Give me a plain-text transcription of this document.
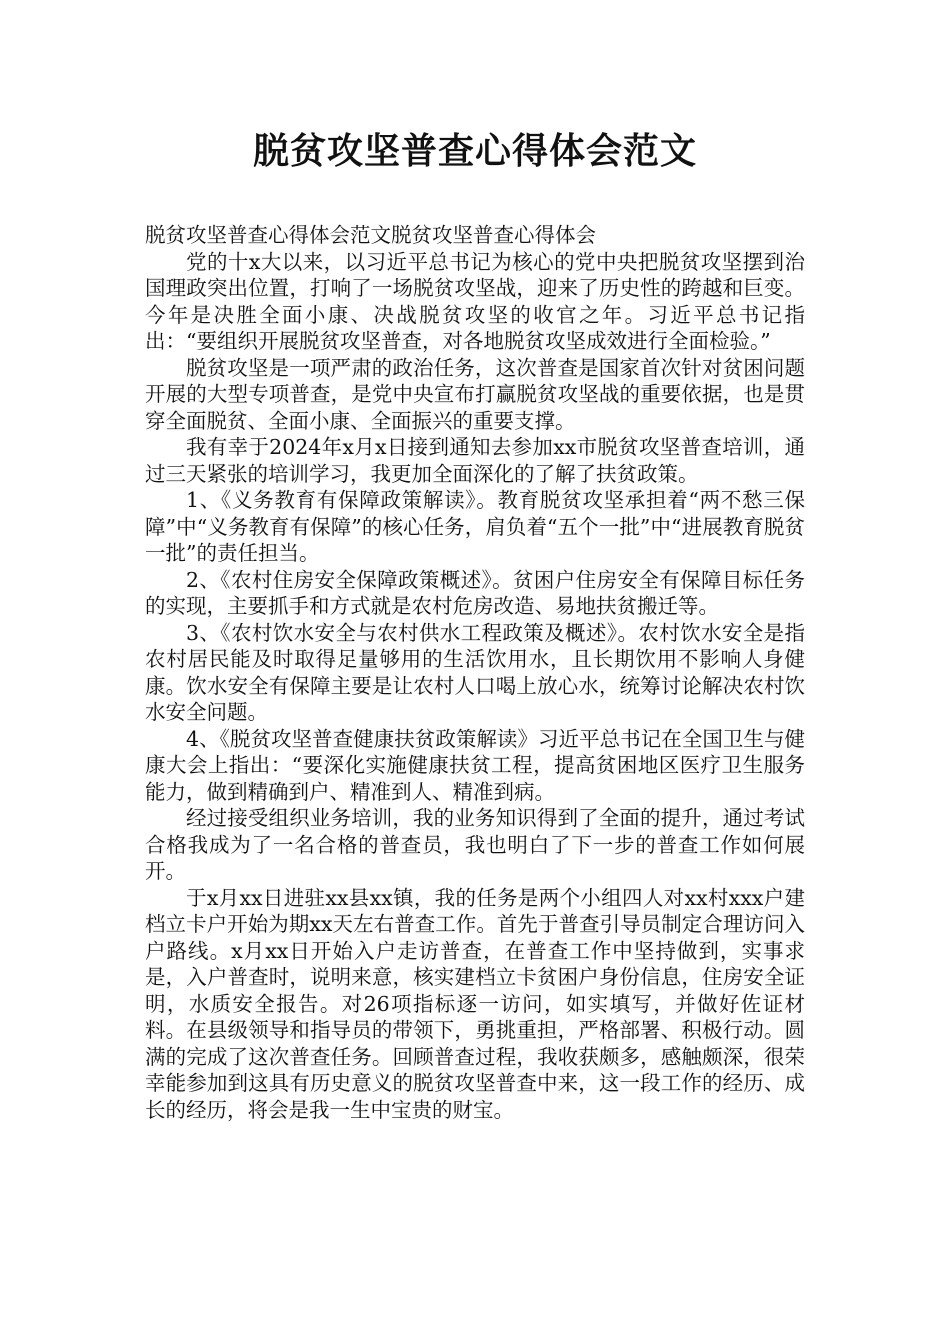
脱贫攻坚普查心得体会范文

脱贫攻坚普查心得体会范文脱贫攻坚普查心得体会

党的十x大以来，以习近平总书记为核心的党中央把脱贫攻坚摆到治国理政突出位置，打响了一场脱贫攻坚战，迎来了历史性的跨越和巨变。今年是决胜全面小康、决战脱贫攻坚的收官之年。习近平总书记指出：“要组织开展脱贫攻坚普查，对各地脱贫攻坚成效进行全面检验。”

脱贫攻坚是一项严肃的政治任务，这次普查是国家首次针对贫困问题开展的大型专项普查，是党中央宣布打赢脱贫攻坚战的重要依据，也是贯穿全面脱贫、全面小康、全面振兴的重要支撑。

我有幸于2024年x月x日接到通知去参加xx市脱贫攻坚普查培训，通过三天紧张的培训学习，我更加全面深化的了解了扶贫政策。

1、《义务教育有保障政策解读》。教育脱贫攻坚承担着“两不愁三保障”中“义务教育有保障”的核心任务，肩负着“五个一批”中“进展教育脱贫一批”的责任担当。

2、《农村住房安全保障政策概述》。贫困户住房安全有保障目标任务的实现，主要抓手和方式就是农村危房改造、易地扶贫搬迁等。

3、《农村饮水安全与农村供水工程政策及概述》。农村饮水安全是指农村居民能及时取得足量够用的生活饮用水，且长期饮用不影响人身健康。饮水安全有保障主要是让农村人口喝上放心水，统筹讨论解决农村饮水安全问题。

4、《脱贫攻坚普查健康扶贫政策解读》习近平总书记在全国卫生与健康大会上指出：“要深化实施健康扶贫工程，提高贫困地区医疗卫生服务能力，做到精确到户、精准到人、精准到病。

经过接受组织业务培训，我的业务知识得到了全面的提升，通过考试合格我成为了一名合格的普查员，我也明白了下一步的普查工作如何展开。

于x月xx日进驻xx县xx镇，我的任务是两个小组四人对xx村xxx户建档立卡户开始为期xx天左右普查工作。首先于普查引导员制定合理访问入户路线。x月xx日开始入户走访普查，在普查工作中坚持做到，实事求是，入户普查时，说明来意，核实建档立卡贫困户身份信息，住房安全证明，水质安全报告。对26项指标逐一访问，如实填写，并做好佐证材料。在县级领导和指导员的带领下，勇挑重担，严格部署、积极行动。圆满的完成了这次普查任务。回顾普查过程，我收获颇多，感触颇深，很荣幸能参加到这具有历史意义的脱贫攻坚普查中来，这一段工作的经历、成长的经历，将会是我一生中宝贵的财宝。
